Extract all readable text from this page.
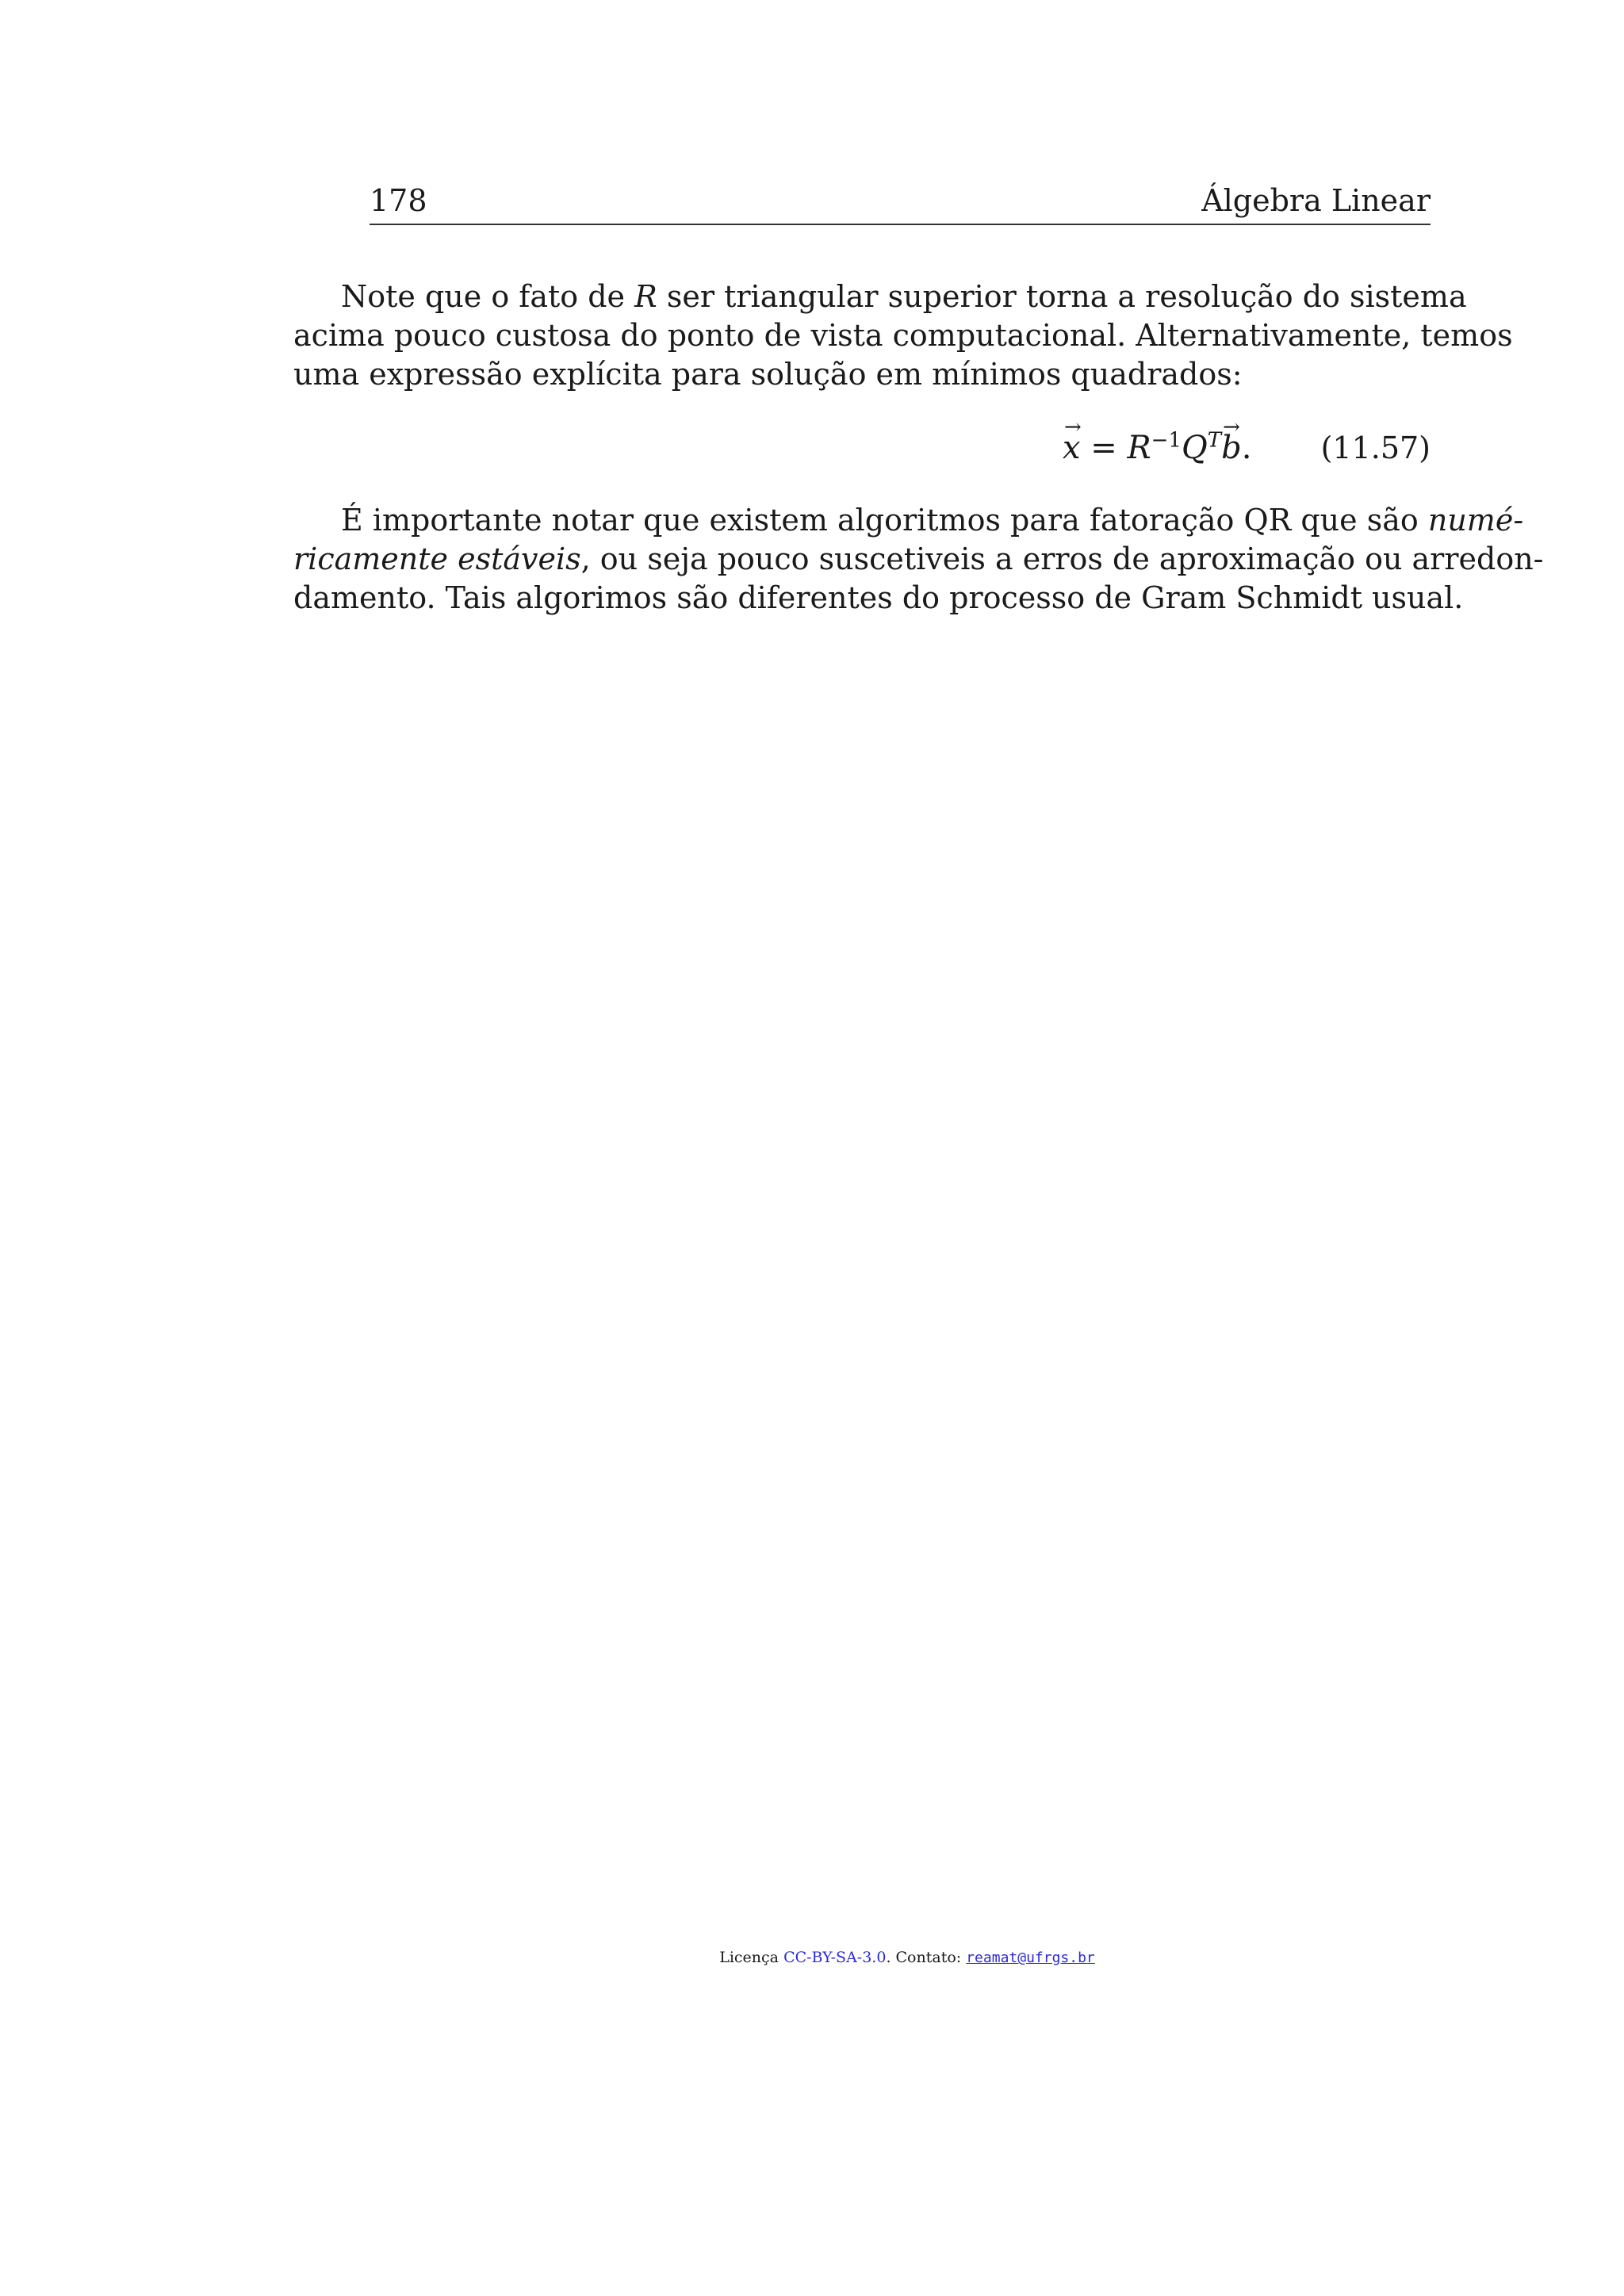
178	Álgebra Linear
Note que o fato de R ser triangular superior torna a resolução do sistema
acima pouco custosa do ponto de vista computacional. Alternativamente, temos
uma expressão explícita para solução em mínimos quadrados:
→ $x = R^{-1}Q^T\to b$. (11.57)
É importante notar que existem algoritmos para fatoração QR que são numé-
ricamente estáveis, ou seja pouco suscetiveis a erros de aproximação ou arredon-
damento. Tais algorimos são diferentes do processo de Gram Schmidt usual.
Licença CC-BY-SA-3.0. Contato: reamat@ufrgs.br
